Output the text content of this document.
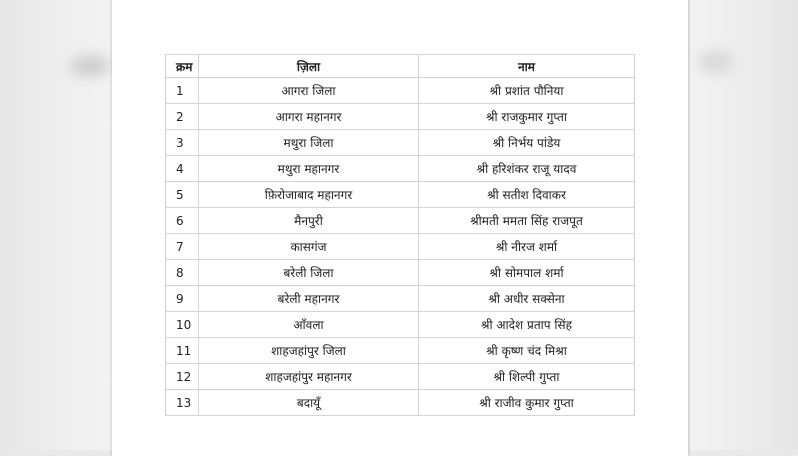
क्रम	ज़िला	नाम
1	आगरा जिला	श्री प्रशांत पौनिया
2	आगरा महानगर	श्री राजकुमार गुप्ता
3	मथुरा जिला	श्री निर्भय पांडेय
4	मथुरा महानगर	श्री हरिशंकर राजू यादव
5	फ़िरोजाबाद महानगर	श्री सतीश दिवाकर
6	मैनपुरी	श्रीमती ममता सिंह राजपूत
7	कासगंज	श्री नीरज शर्मा
8	बरेली जिला	श्री सोमपाल शर्मा
9	बरेली महानगर	श्री अधीर सक्सेना
10	आँवला	श्री आदेश प्रताप सिंह
11	शाहजहांपुर जिला	श्री कृष्ण चंद मिश्रा
12	शाहजहांपुर महानगर	श्री शिल्पी गुप्ता
13	बदायूँ	श्री राजीव कुमार गुप्ता
